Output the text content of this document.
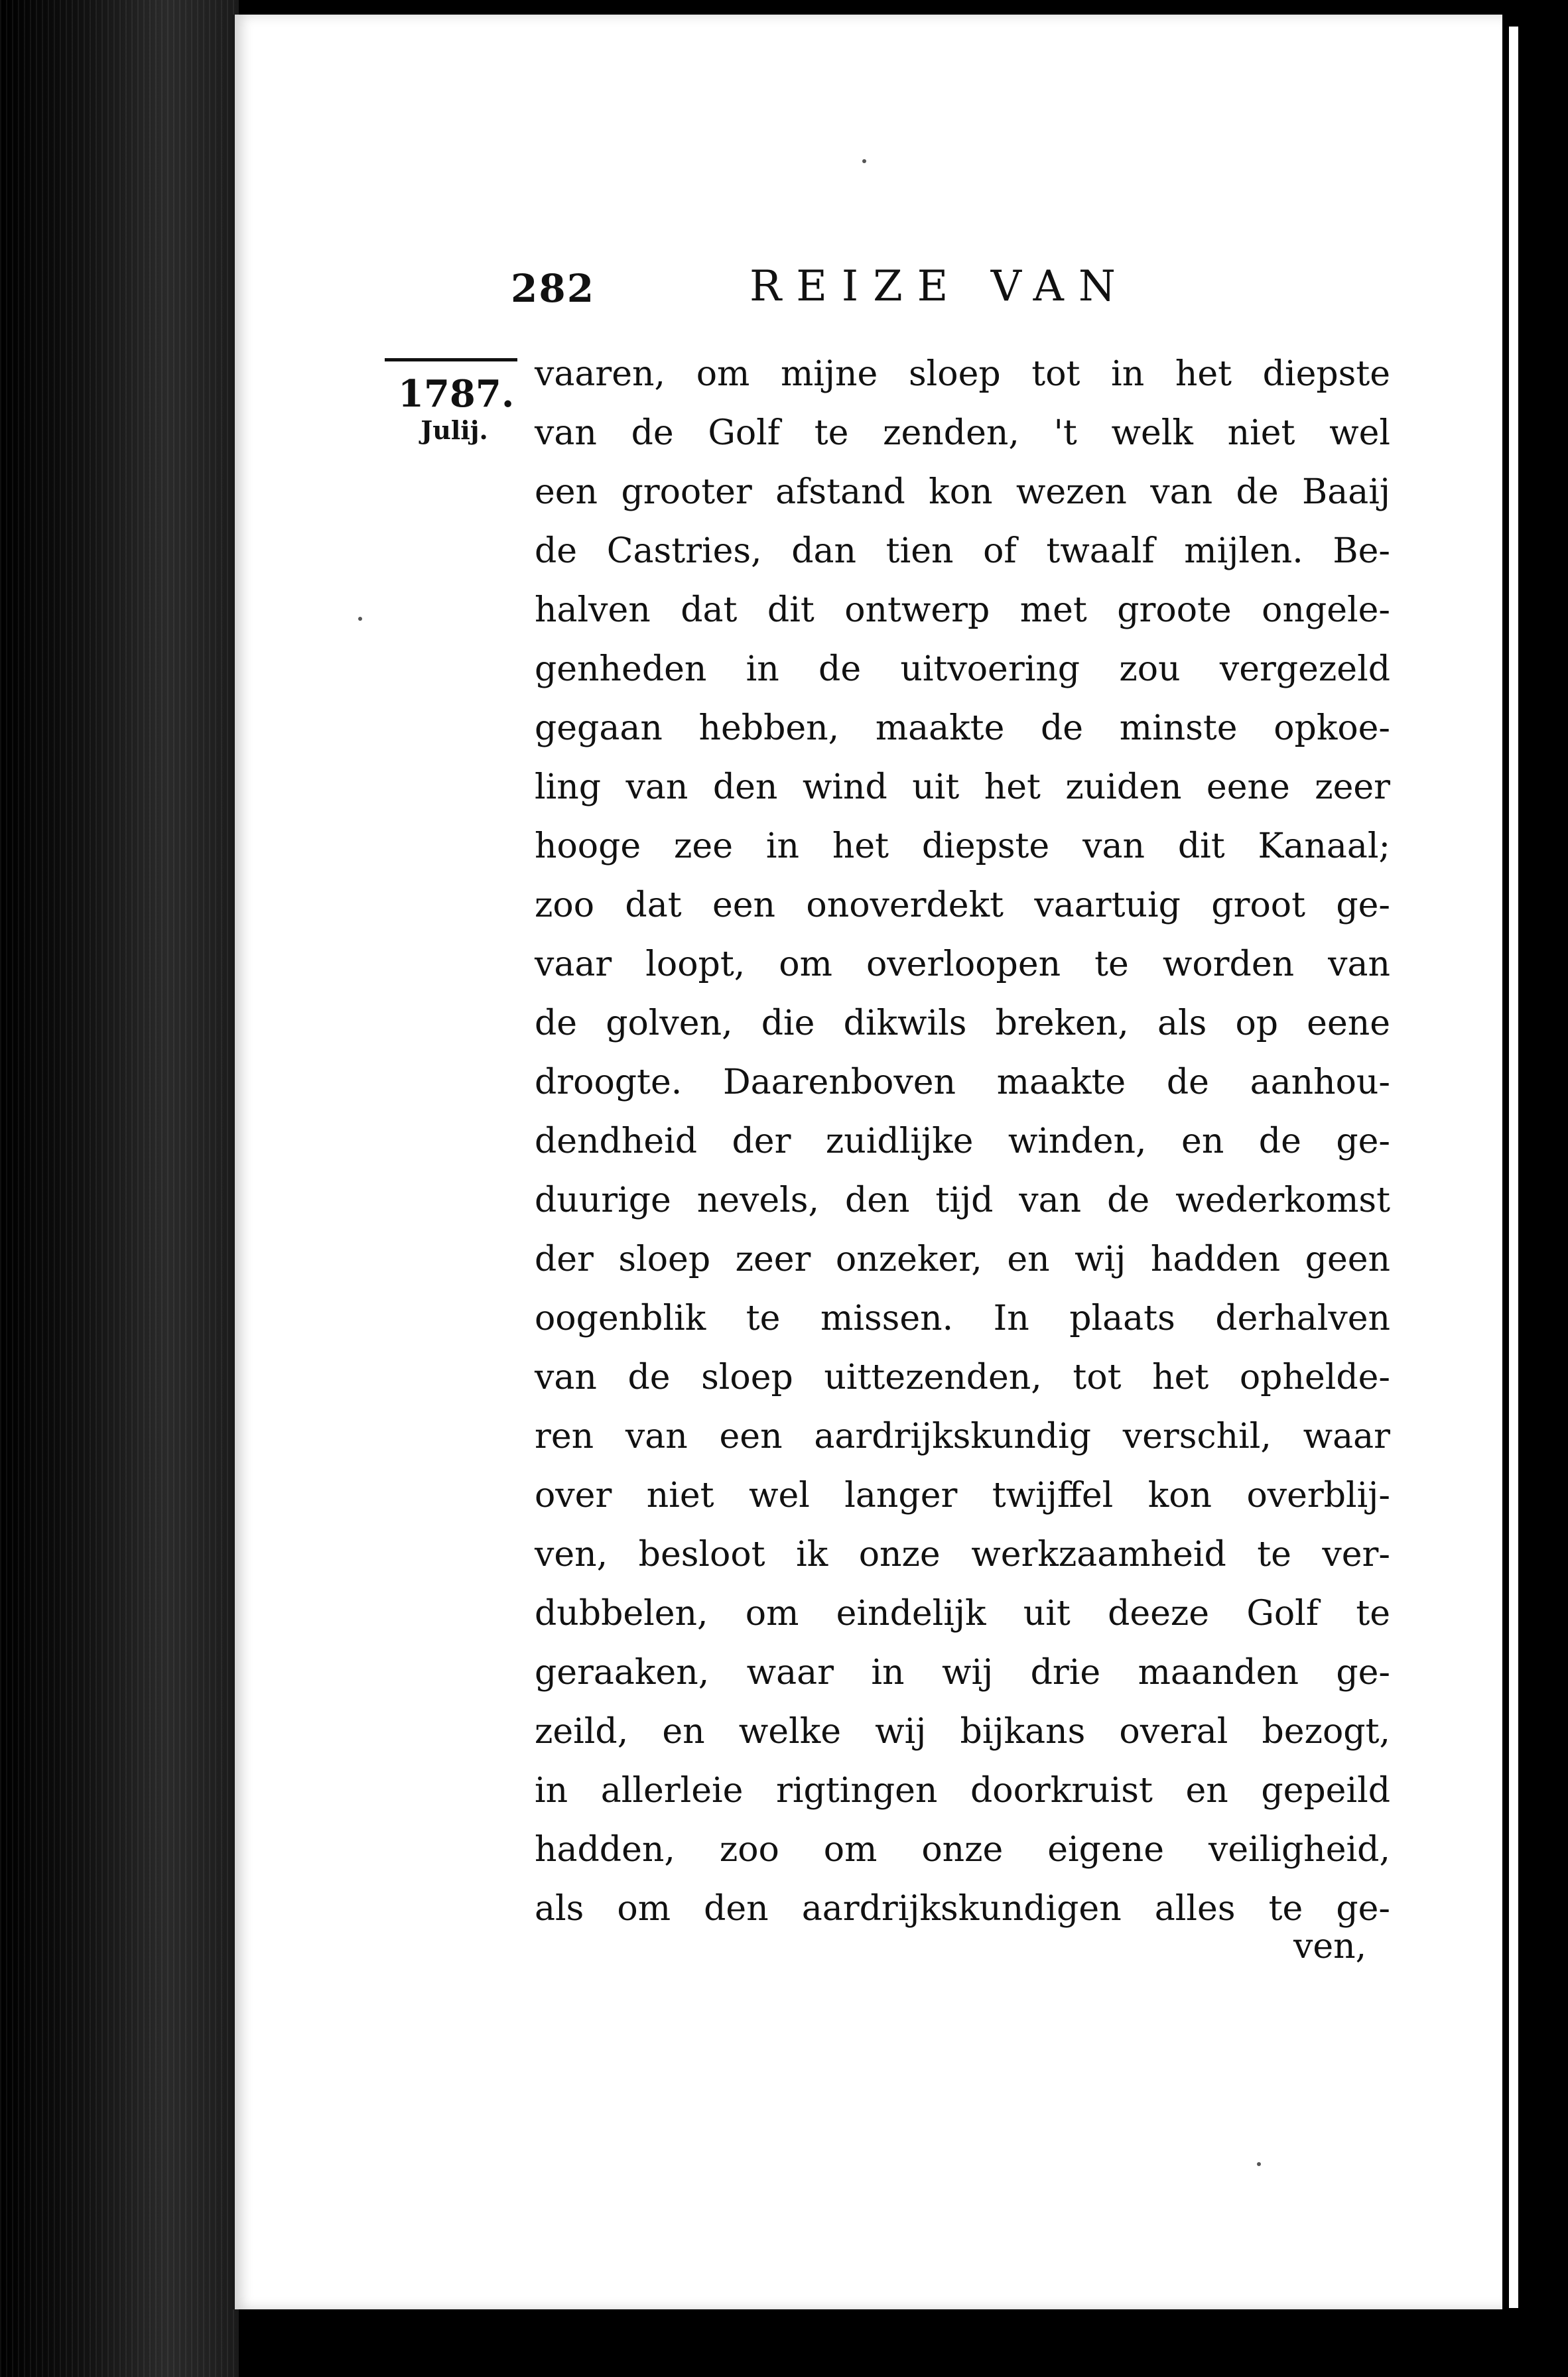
282	REIZE VAN
1787.
Julij.
vaaren, om mijne sloep tot in het diepste
van de Golf te zenden, 't welk niet wel
een grooter afstand kon wezen van de Baaij
de Castries, dan tien of twaalf mijlen. Be-
halven dat dit ontwerp met groote ongele-
genheden in de uitvoering zou vergezeld
gegaan hebben, maakte de minste opkoe-
ling van den wind uit het zuiden eene zeer
hooge zee in het diepste van dit Kanaal;
zoo dat een onoverdekt vaartuig groot ge-
vaar loopt, om overloopen te worden van
de golven, die dikwils breken, als op eene
droogte. Daarenboven maakte de aanhou-
dendheid der zuidlijke winden, en de ge-
duurige nevels, den tijd van de wederkomst
der sloep zeer onzeker, en wij hadden geen
oogenblik te missen. In plaats derhalven
van de sloep uittezenden, tot het ophelde-
ren van een aardrijkskundig verschil, waar
over niet wel langer twijffel kon overblij-
ven, besloot ik onze werkzaamheid te ver-
dubbelen, om eindelijk uit deeze Golf te
geraaken, waar in wij drie maanden ge-
zeild, en welke wij bijkans overal bezogt,
in allerleie rigtingen doorkruist en gepeild
hadden, zoo om onze eigene veiligheid,
als om den aardrijkskundigen alles te ge-
ven,
